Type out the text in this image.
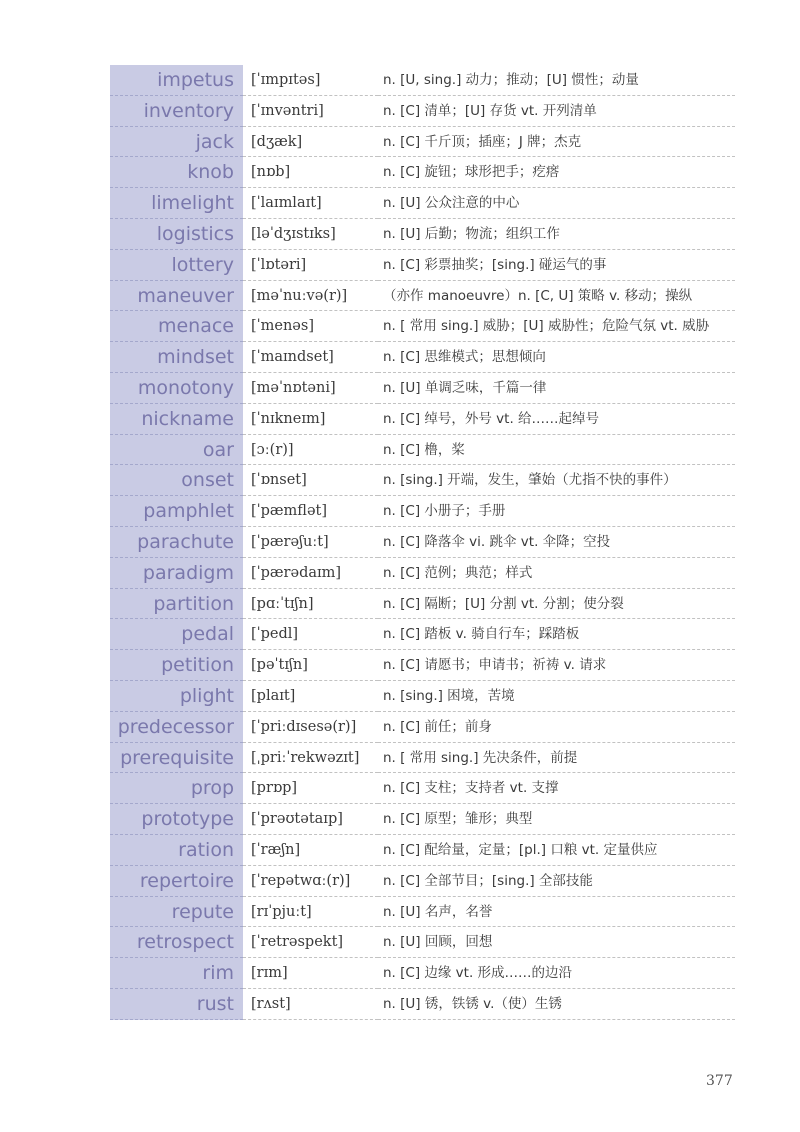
impetus	[ˈɪmpɪtəs]	n. [U, sing.] 动力；推动；[U] 惯性；动量
inventory	[ˈɪnvəntri]	n. [C] 清单；[U] 存货 vt. 开列清单
jack	[dʒæk]	n. [C] 千斤顶；插座；J 牌；杰克
knob	[nɒb]	n. [C] 旋钮；球形把手；疙瘩
limelight	[ˈlaɪmlaɪt]	n. [U] 公众注意的中心
logistics	[ləˈdʒɪstɪks]	n. [U] 后勤；物流；组织工作
lottery	[ˈlɒtəri]	n. [C] 彩票抽奖；[sing.] 碰运气的事
maneuver	[məˈnuːvə(r)]	（亦作 manoeuvre）n. [C, U] 策略 v. 移动；操纵
menace	[ˈmenəs]	n. [ 常用 sing.] 威胁；[U] 威胁性；危险气氛 vt. 威胁
mindset	[ˈmaɪndset]	n. [C] 思维模式；思想倾向
monotony	[məˈnɒtəni]	n. [U] 单调乏味，千篇一律
nickname	[ˈnɪkneɪm]	n. [C] 绰号，外号 vt. 给……起绰号
oar	[ɔː(r)]	n. [C] 橹，桨
onset	[ˈɒnset]	n. [sing.] 开端，发生，肇始（尤指不快的事件）
pamphlet	[ˈpæmflət]	n. [C] 小册子；手册
parachute	[ˈpærəʃuːt]	n. [C] 降落伞 vi. 跳伞 vt. 伞降；空投
paradigm	[ˈpærədaɪm]	n. [C] 范例；典范；样式
partition	[pɑːˈtɪʃn]	n. [C] 隔断；[U] 分割 vt. 分割；使分裂
pedal	[ˈpedl]	n. [C] 踏板 v. 骑自行车；踩踏板
petition	[pəˈtɪʃn]	n. [C] 请愿书；申请书；祈祷 v. 请求
plight	[plaɪt]	n. [sing.] 困境，苦境
predecessor	[ˈpriːdɪsesə(r)]	n. [C] 前任；前身
prerequisite	[ˌpriːˈrekwəzɪt]	n. [ 常用 sing.] 先决条件，前提
prop	[prɒp]	n. [C] 支柱；支持者 vt. 支撑
prototype	[ˈprəʊtətaɪp]	n. [C] 原型；雏形；典型
ration	[ˈræʃn]	n. [C] 配给量，定量；[pl.] 口粮 vt. 定量供应
repertoire	[ˈrepətwɑː(r)]	n. [C] 全部节目；[sing.] 全部技能
repute	[rɪˈpjuːt]	n. [U] 名声，名誉
retrospect	[ˈretrəspekt]	n. [U] 回顾，回想
rim	[rɪm]	n. [C] 边缘 vt. 形成……的边沿
rust	[rʌst]	n. [U] 锈，铁锈 v.（使）生锈
377
